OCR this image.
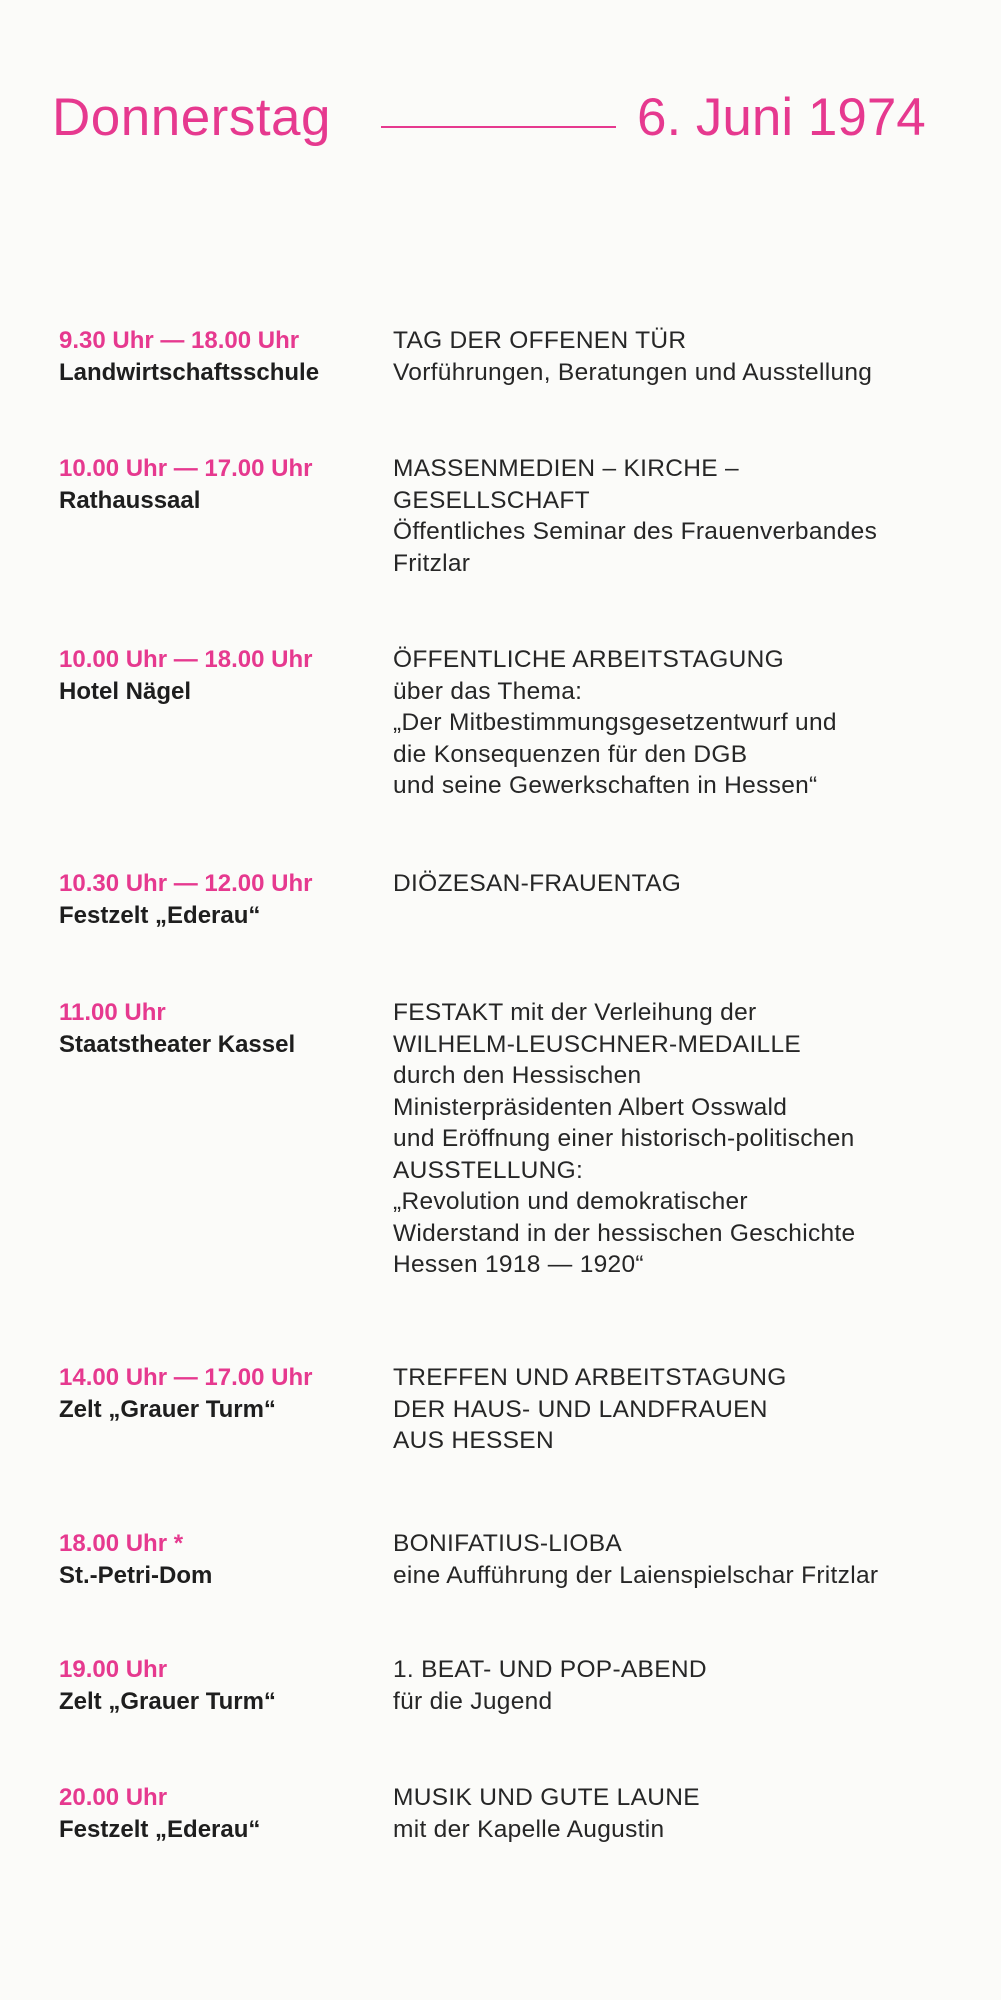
Donnerstag	6. Juni 1974
9.30 Uhr — 18.00 Uhr
Landwirtschaftsschule
TAG DER OFFENEN TÜR
Vorführungen, Beratungen und Ausstellung
10.00 Uhr — 17.00 Uhr
Rathaussaal
MASSENMEDIEN – KIRCHE –
GESELLSCHAFT
Öffentliches Seminar des Frauenverbandes
Fritzlar
10.00 Uhr — 18.00 Uhr
Hotel Nägel
ÖFFENTLICHE ARBEITSTAGUNG
über das Thema:
„Der Mitbestimmungsgesetzentwurf und
die Konsequenzen für den DGB
und seine Gewerkschaften in Hessen“
10.30 Uhr — 12.00 Uhr
Festzelt „Ederau“
DIÖZESAN-FRAUENTAG
11.00 Uhr
Staatstheater Kassel
FESTAKT mit der Verleihung der
WILHELM-LEUSCHNER-MEDAILLE
durch den Hessischen
Ministerpräsidenten Albert Osswald
und Eröffnung einer historisch-politischen
AUSSTELLUNG:
„Revolution und demokratischer
Widerstand in der hessischen Geschichte
Hessen 1918 — 1920“
14.00 Uhr — 17.00 Uhr
Zelt „Grauer Turm“
TREFFEN UND ARBEITSTAGUNG
DER HAUS- UND LANDFRAUEN
AUS HESSEN
18.00 Uhr *
St.-Petri-Dom
BONIFATIUS-LIOBA
eine Aufführung der Laienspielschar Fritzlar
19.00 Uhr
Zelt „Grauer Turm“
1. BEAT- UND POP-ABEND
für die Jugend
20.00 Uhr
Festzelt „Ederau“
MUSIK UND GUTE LAUNE
mit der Kapelle Augustin
